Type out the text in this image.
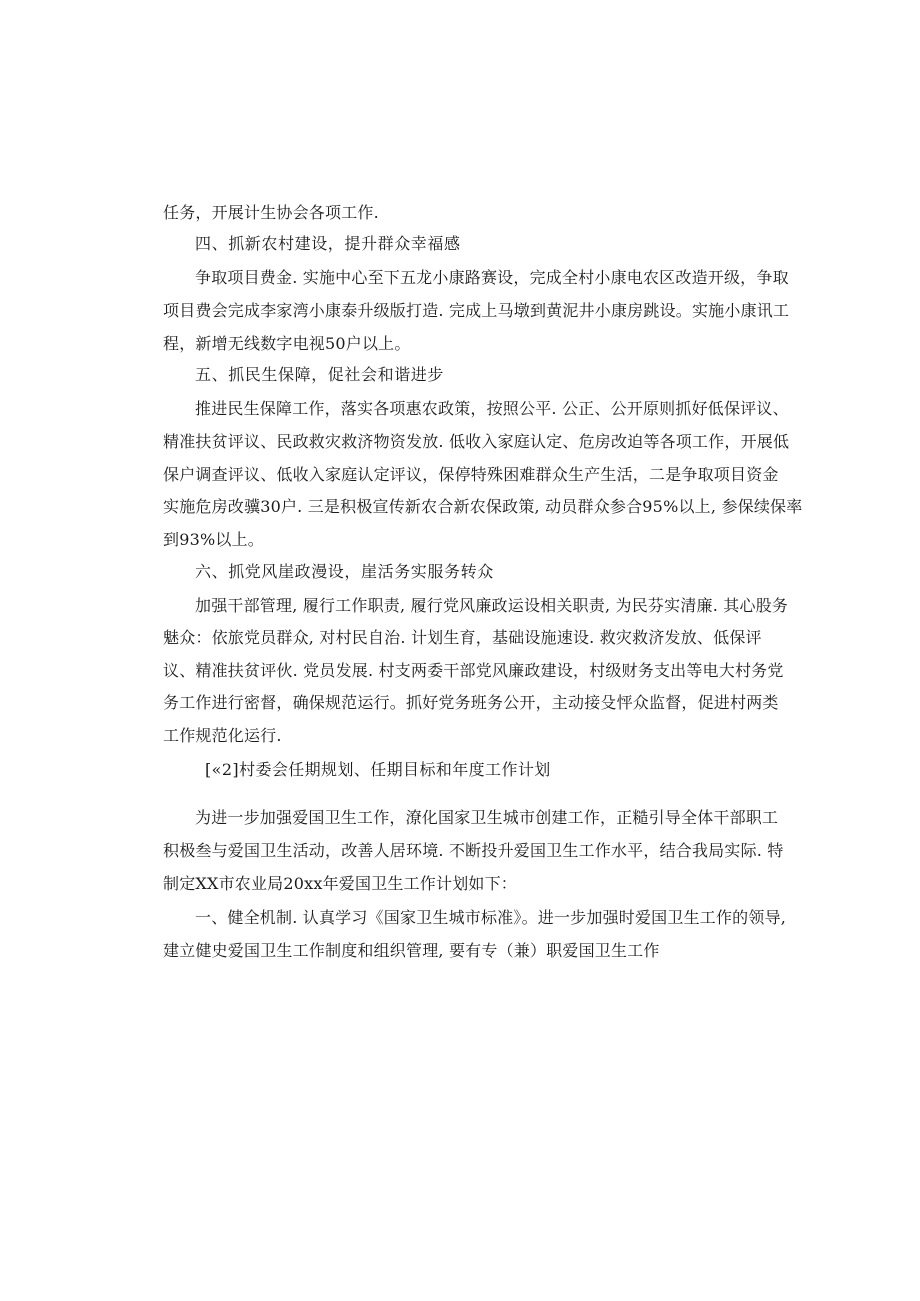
任务，开展计生协会各项工作.
四、抓新农村建设，提升群众幸福感
争取项目费金. 实施中心至下五龙小康路赛设，完成全村小康电农区改造开级，争取
项目费会完成李家湾小康泰升级版打造. 完成上马墩到黄泥井小康房跳设。实施小康讯工
程，新增无线数字电视50户以上。
五、抓民生保障，促社会和谐进步
推进民生保障工作，落实各项惠农政策，按照公平. 公正、公开原则抓好低保评议、
精准扶贫评议、民政救灾救济物资发放. 低收入家庭认定、危房改迫等各项工作，开展低
保户调查评议、低收入家庭认定评议，保停特殊困难群众生产生活，二是争取项目资金
实施危房改骥30户. 三是积极宣传新农合新农保政策, 动员群众参合95%以上, 参保续保率
到93%以上。
六、抓党风崖政漫设，崖活务实服务转众
加强干部管理, 履行工作职责, 履行党风廉政运设相关职责, 为民芬实清廉. 其心股务
魅众：依旅党员群众, 对村民自治. 计划生育，基础设施速设. 救灾救济发放、低保评
议、精准扶贫评伙. 党员发展. 村支两委干部党风廉政建设，村级财务支出等电大村务党
务工作进行密督，确保规范运行。抓好党务班务公开，主动接殳怦众监督，促进村两类
工作规范化运行.
[«2]村委会任期规划、任期目标和年度工作计划
为进一步加强爱国卫生工作，潦化国家卫生城市创建工作，正糙引导全体干部职工
积极叁与爱国卫生活动，改善人居环境. 不断投升爱国卫生工作水平，结合我局实际. 特
制定XX市农业局20xx年爱国卫生工作计划如下：
一、健全机制. 认真学习《国家卫生城市标准》。进一步加强时爱国卫生工作的领导,
建立健史爱国卫生工作制度和组织管理, 要有专（兼）职爱国卫生工作
